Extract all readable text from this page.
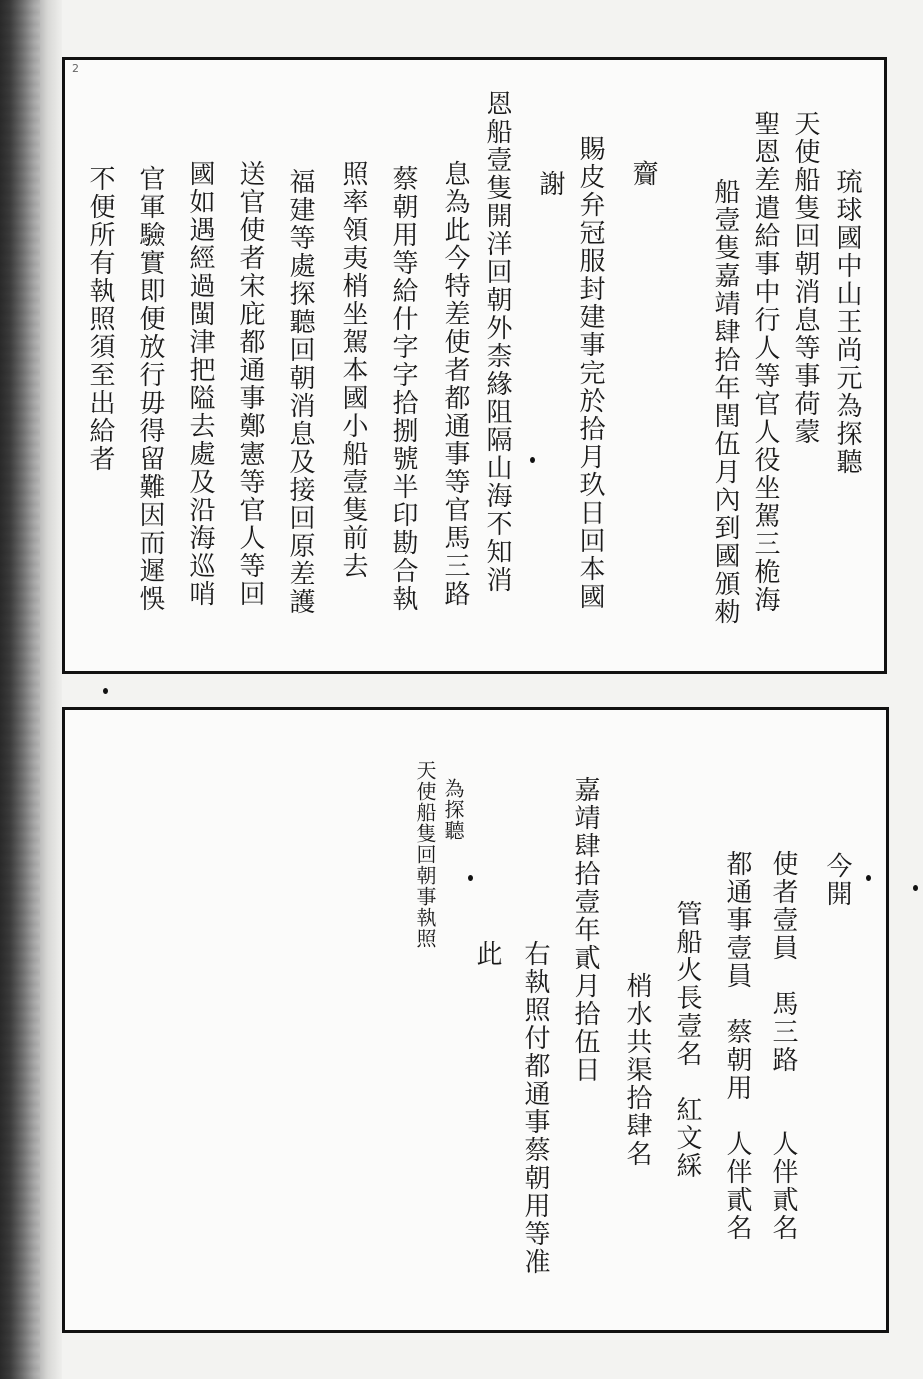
2
琉球國中山王尚元為探聽
天使船隻回朝消息等事荷蒙
聖恩差遣給事中行人等官人役坐駕三桅海
船壹隻嘉靖肆拾年閏伍月內到國頒勑
齎
賜皮弁冠服封建事完於拾月玖日回本國
謝
恩船壹隻開洋回朝外柰緣阻隔山海不知消
息為此今特差使者都通事等官馬三路
蔡朝用等給什字字拾捌號半印勘合執
照率領夷梢坐駕本國小船壹隻前去
福建等處探聽回朝消息及接回原差護
送官使者宋庇都通事鄭憲等官人等回
國如遇經過閩津把隘去處及沿海巡哨
官軍驗實即便放行毋得留難因而遲悞
不便所有執照須至出給者
今開
使者壹員　馬三路　　人伴貳名
都通事壹員　蔡朝用　人伴貳名
管船火長壹名　紅文綵
梢水共渠拾肆名
嘉靖肆拾壹年貳月拾伍日
右執照付都通事蔡朝用等准
此
為探聽
天使船隻回朝事執照
